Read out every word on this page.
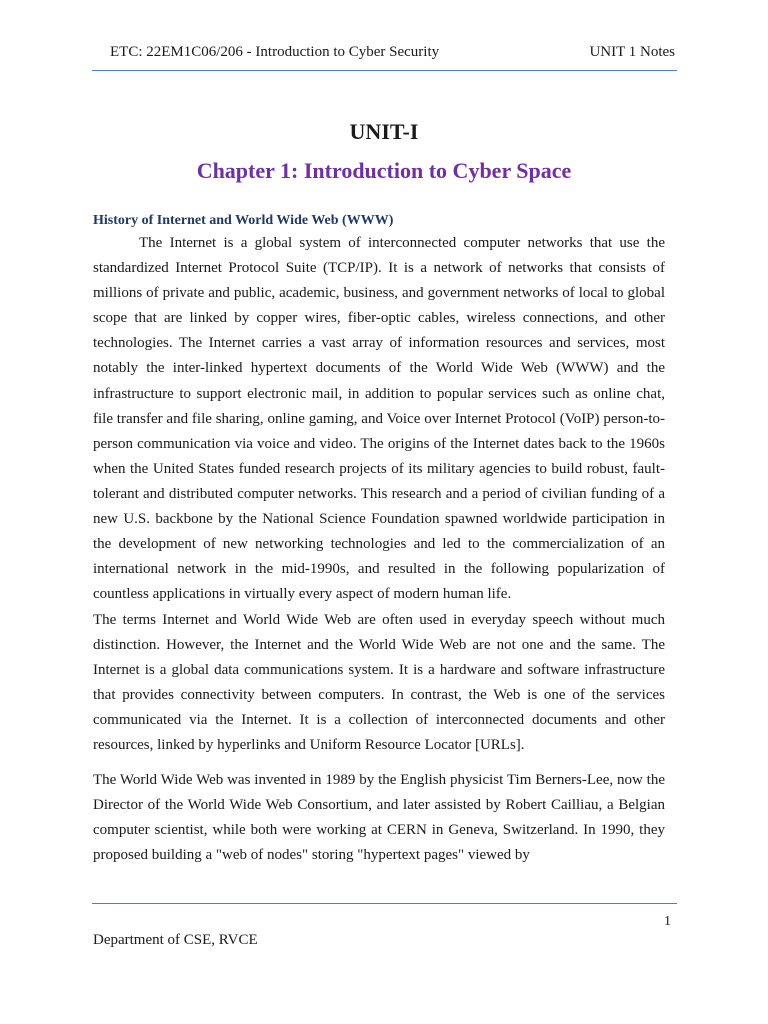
ETC: 22EM1C06/206 - Introduction to Cyber Security	UNIT 1 Notes
UNIT-I
Chapter 1: Introduction to Cyber Space
History of Internet and World Wide Web (WWW)

The Internet is a global system of interconnected computer networks that use the standardized Internet Protocol Suite (TCP/IP). It is a network of networks that consists of millions of private and public, academic, business, and government networks of local to global scope that are linked by copper wires, fiber-optic cables, wireless connections, and other technologies. The Internet carries a vast array of information resources and services, most notably the inter-linked hypertext documents of the World Wide Web (WWW) and the infrastructure to support electronic mail, in addition to popular services such as online chat, file transfer and file sharing, online gaming, and Voice over Internet Protocol (VoIP) person-to-person communication via voice and video. The origins of the Internet dates back to the 1960s when the United States funded research projects of its military agencies to build robust, fault-tolerant and distributed computer networks. This research and a period of civilian funding of a new U.S. backbone by the National Science Foundation spawned worldwide participation in the development of new networking technologies and led to the commercialization of an international network in the mid-1990s, and resulted in the following popularization of countless applications in virtually every aspect of modern human life.

The terms Internet and World Wide Web are often used in everyday speech without much distinction. However, the Internet and the World Wide Web are not one and the same. The Internet is a global data communications system. It is a hardware and software infrastructure that provides connectivity between computers. In contrast, the Web is one of the services communicated via the Internet. It is a collection of interconnected documents and other resources, linked by hyperlinks and Uniform Resource Locator [URLs].

The World Wide Web was invented in 1989 by the English physicist Tim Berners-Lee, now the Director of the World Wide Web Consortium, and later assisted by Robert Cailliau, a Belgian computer scientist, while both were working at CERN in Geneva, Switzerland. In 1990, they proposed building a "web of nodes" storing "hypertext pages" viewed by

1
Department of CSE, RVCE
